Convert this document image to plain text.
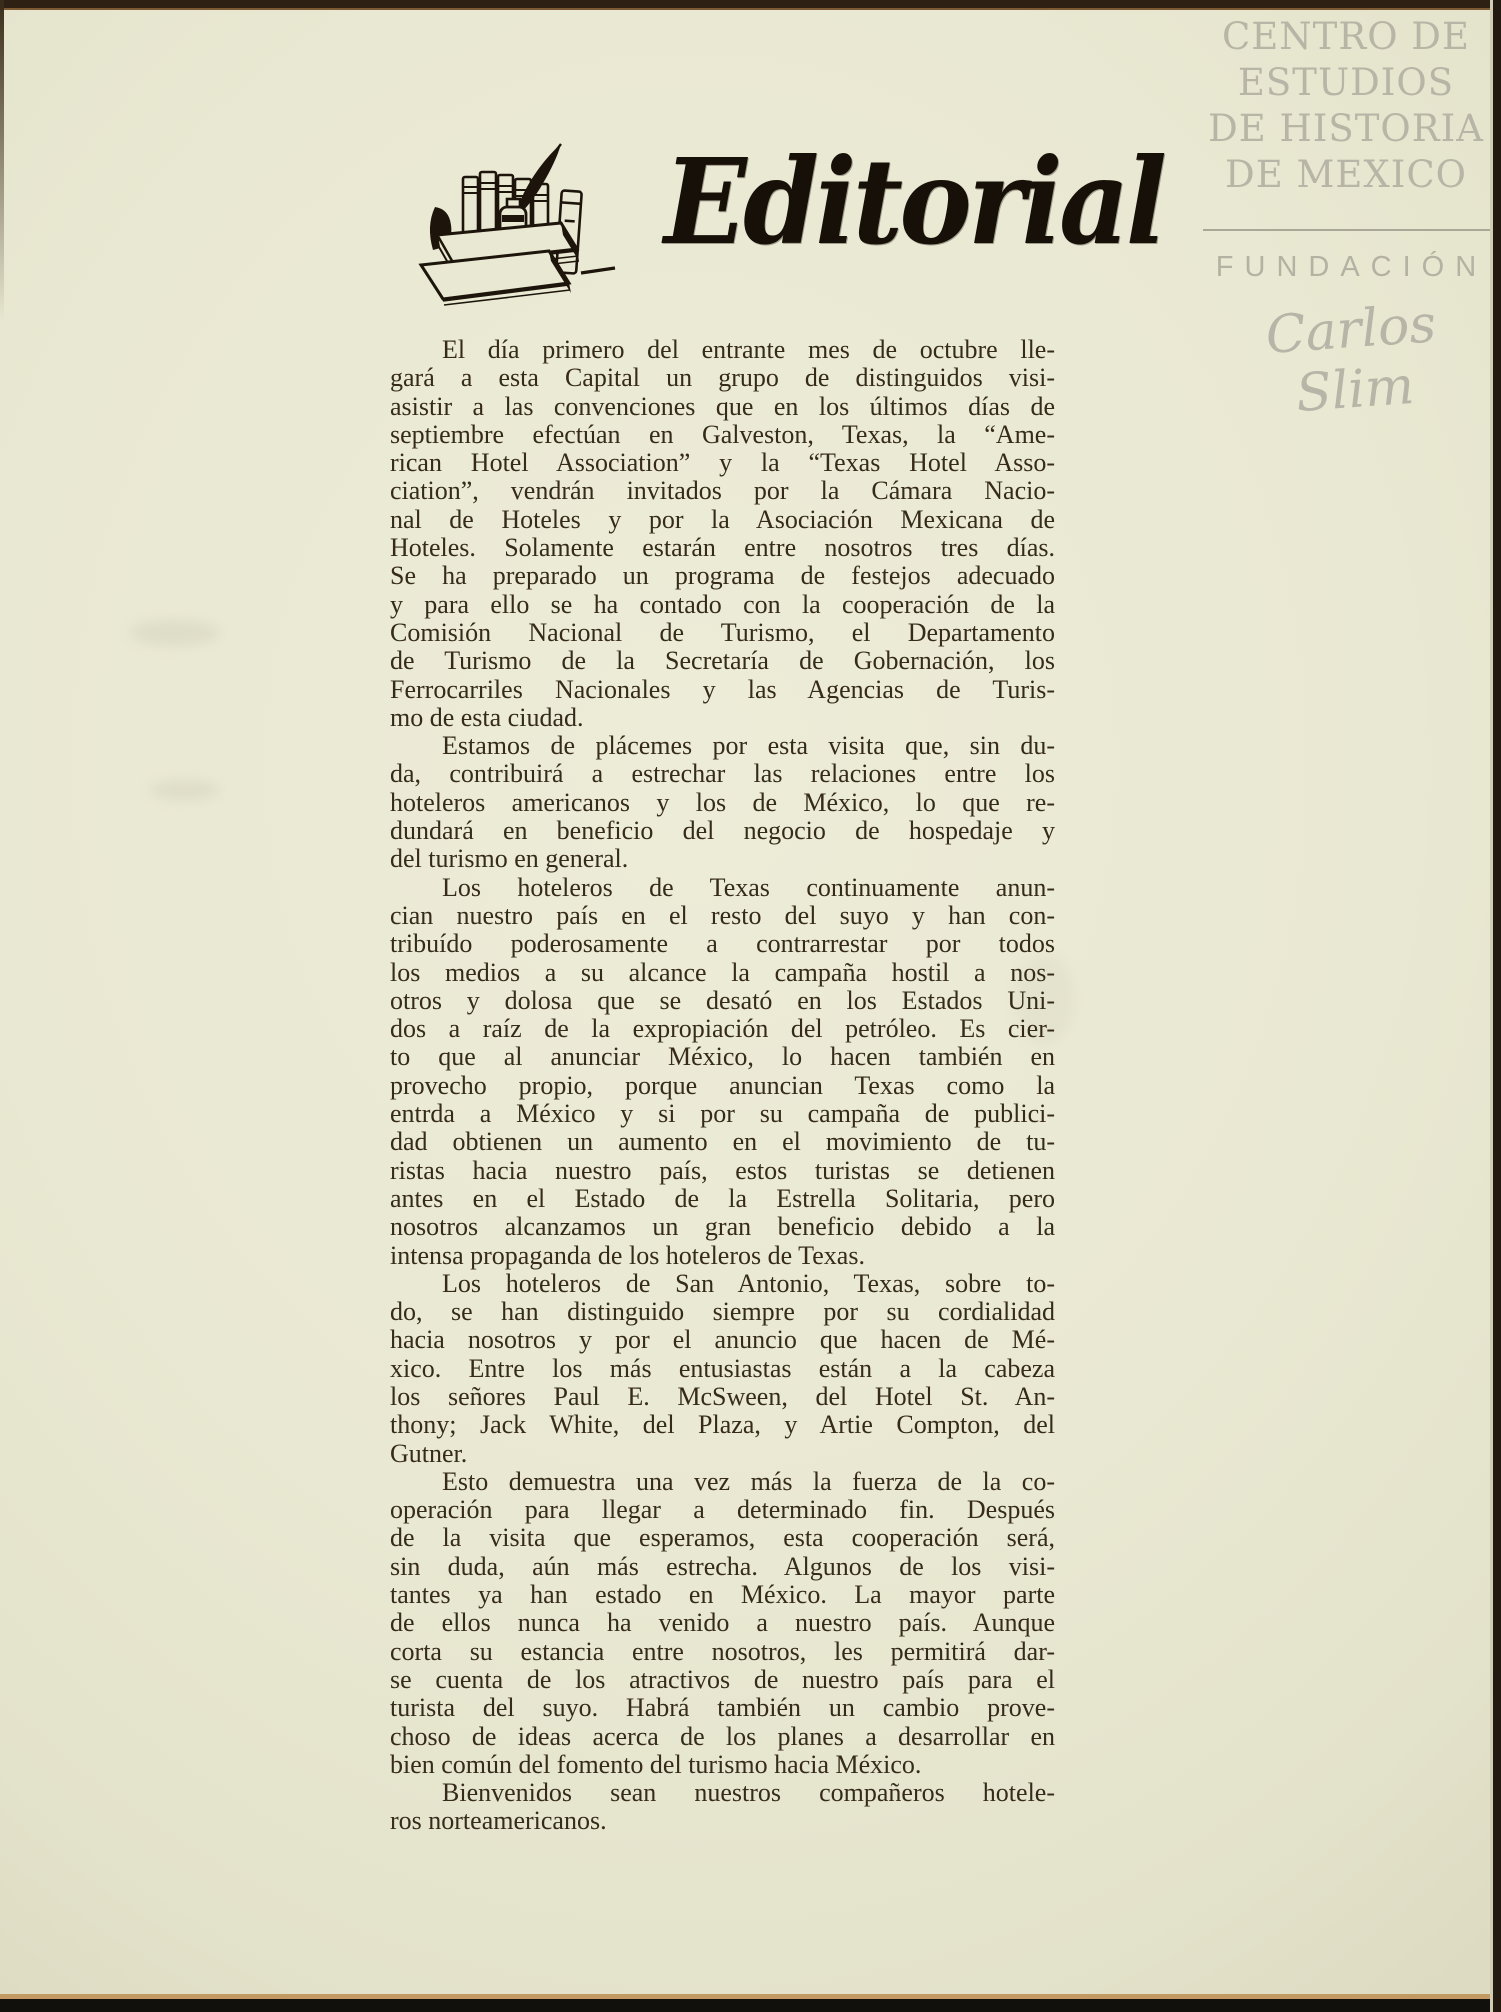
CENTRO DE
ESTUDIOS
DE HISTORIA
DE MEXICO
FUNDACIÓN
Carlos Slim
Editorial
El día primero del entrante mes de octubre lle-
gará a esta Capital un grupo de distinguidos visi-
asistir a las convenciones que en los últimos días de
septiembre efectúan en Galveston, Texas, la “Ame-
rican Hotel Association” y la “Texas Hotel Asso-
ciation”, vendrán invitados por la Cámara Nacio-
nal de Hoteles y por la Asociación Mexicana de
Hoteles. Solamente estarán entre nosotros tres días.
Se ha preparado un programa de festejos adecuado
y para ello se ha contado con la cooperación de la
Comisión Nacional de Turismo, el Departamento
de Turismo de la Secretaría de Gobernación, los
Ferrocarriles Nacionales y las Agencias de Turis-
mo de esta ciudad.
Estamos de plácemes por esta visita que, sin du-
da, contribuirá a estrechar las relaciones entre los
hoteleros americanos y los de México, lo que re-
dundará en beneficio del negocio de hospedaje y
del turismo en general.
Los hoteleros de Texas continuamente anun-
cian nuestro país en el resto del suyo y han con-
tribuído poderosamente a contrarrestar por todos
los medios a su alcance la campaña hostil a nos-
otros y dolosa que se desató en los Estados Uni-
dos a raíz de la expropiación del petróleo. Es cier-
to que al anunciar México, lo hacen también en
provecho propio, porque anuncian Texas como la
entrda a México y si por su campaña de publici-
dad obtienen un aumento en el movimiento de tu-
ristas hacia nuestro país, estos turistas se detienen
antes en el Estado de la Estrella Solitaria, pero
nosotros alcanzamos un gran beneficio debido a la
intensa propaganda de los hoteleros de Texas.
Los hoteleros de San Antonio, Texas, sobre to-
do, se han distinguido siempre por su cordialidad
hacia nosotros y por el anuncio que hacen de Mé-
xico. Entre los más entusiastas están a la cabeza
los señores Paul E. McSween, del Hotel St. An-
thony; Jack White, del Plaza, y Artie Compton, del
Gutner.
Esto demuestra una vez más la fuerza de la co-
operación para llegar a determinado fin. Después
de la visita que esperamos, esta cooperación será,
sin duda, aún más estrecha. Algunos de los visi-
tantes ya han estado en México. La mayor parte
de ellos nunca ha venido a nuestro país. Aunque
corta su estancia entre nosotros, les permitirá dar-
se cuenta de los atractivos de nuestro país para el
turista del suyo. Habrá también un cambio prove-
choso de ideas acerca de los planes a desarrollar en
bien común del fomento del turismo hacia México.
Bienvenidos sean nuestros compañeros hotele-
ros norteamericanos.
